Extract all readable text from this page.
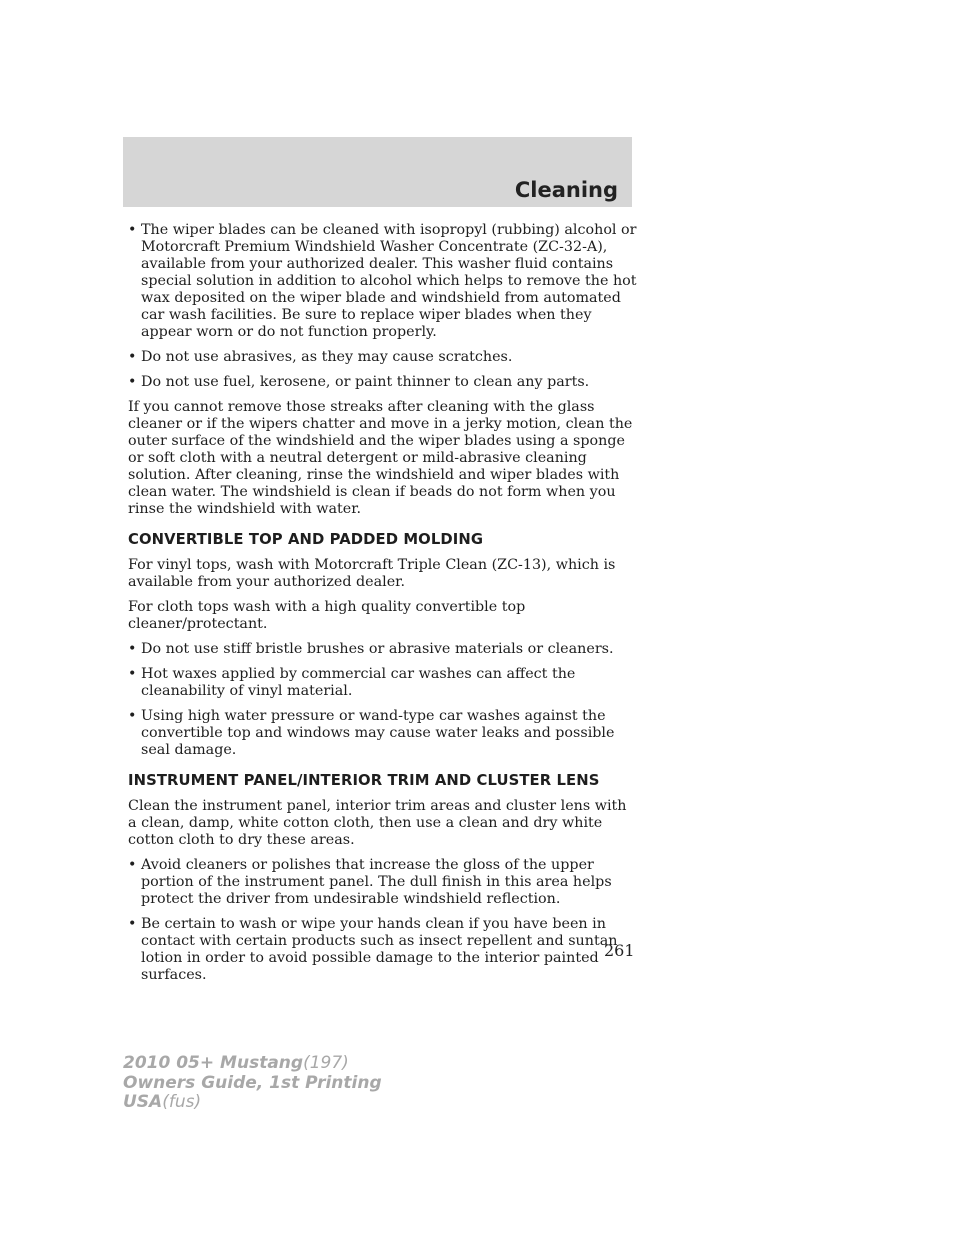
Cleaning
• The wiper blades can be cleaned with isopropyl (rubbing) alcohol or Motorcraft Premium Windshield Washer Concentrate (ZC-32-A), available from your authorized dealer. This washer fluid contains special solution in addition to alcohol which helps to remove the hot wax deposited on the wiper blade and windshield from automated car wash facilities. Be sure to replace wiper blades when they appear worn or do not function properly.
• Do not use abrasives, as they may cause scratches.
• Do not use fuel, kerosene, or paint thinner to clean any parts.

If you cannot remove those streaks after cleaning with the glass cleaner or if the wipers chatter and move in a jerky motion, clean the outer surface of the windshield and the wiper blades using a sponge or soft cloth with a neutral detergent or mild-abrasive cleaning solution. After cleaning, rinse the windshield and wiper blades with clean water. The windshield is clean if beads do not form when you rinse the windshield with water.

CONVERTIBLE TOP AND PADDED MOLDING

For vinyl tops, wash with Motorcraft Triple Clean (ZC-13), which is available from your authorized dealer.

For cloth tops wash with a high quality convertible top cleaner/protectant.

• Do not use stiff bristle brushes or abrasive materials or cleaners.
• Hot waxes applied by commercial car washes can affect the cleanability of vinyl material.
• Using high water pressure or wand-type car washes against the convertible top and windows may cause water leaks and possible seal damage.
INSTRUMENT PANEL/INTERIOR TRIM AND CLUSTER LENS

Clean the instrument panel, interior trim areas and cluster lens with a clean, damp, white cotton cloth, then use a clean and dry white cotton cloth to dry these areas.

• Avoid cleaners or polishes that increase the gloss of the upper portion of the instrument panel. The dull finish in this area helps protect the driver from undesirable windshield reflection.
• Be certain to wash or wipe your hands clean if you have been in contact with certain products such as insect repellent and suntan lotion in order to avoid possible damage to the interior painted surfaces.
261
2010 05+ Mustang(197)
Owners Guide, 1st Printing
USA(fus)
